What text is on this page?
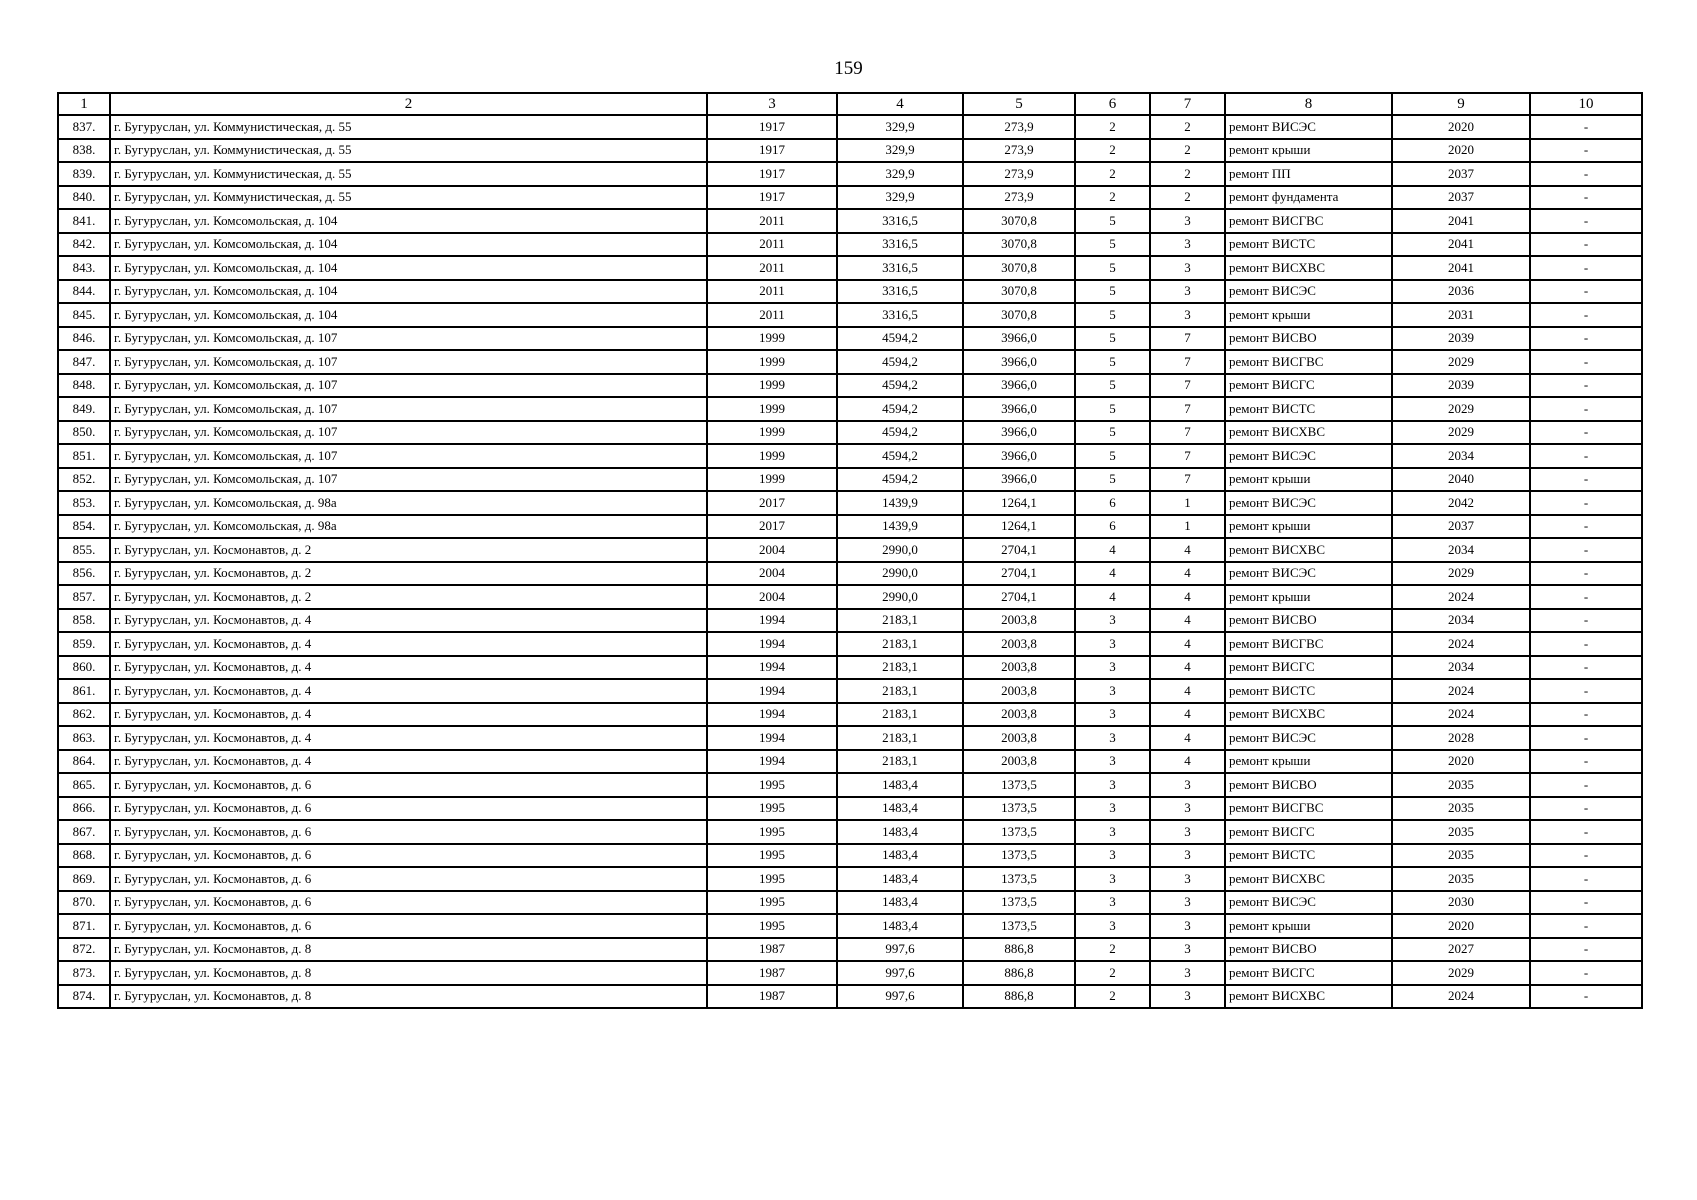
159
1	2	3	4	5	6	7	8	9	10
837.	г. Бугуруслан, ул. Коммунистическая, д. 55	1917	329,9	273,9	2	2	ремонт ВИСЭС	2020	-
838.	г. Бугуруслан, ул. Коммунистическая, д. 55	1917	329,9	273,9	2	2	ремонт крыши	2020	-
839.	г. Бугуруслан, ул. Коммунистическая, д. 55	1917	329,9	273,9	2	2	ремонт ПП	2037	-
840.	г. Бугуруслан, ул. Коммунистическая, д. 55	1917	329,9	273,9	2	2	ремонт фундамента	2037	-
841.	г. Бугуруслан, ул. Комсомольская, д. 104	2011	3316,5	3070,8	5	3	ремонт ВИСГВС	2041	-
842.	г. Бугуруслан, ул. Комсомольская, д. 104	2011	3316,5	3070,8	5	3	ремонт ВИСТС	2041	-
843.	г. Бугуруслан, ул. Комсомольская, д. 104	2011	3316,5	3070,8	5	3	ремонт ВИСХВС	2041	-
844.	г. Бугуруслан, ул. Комсомольская, д. 104	2011	3316,5	3070,8	5	3	ремонт ВИСЭС	2036	-
845.	г. Бугуруслан, ул. Комсомольская, д. 104	2011	3316,5	3070,8	5	3	ремонт крыши	2031	-
846.	г. Бугуруслан, ул. Комсомольская, д. 107	1999	4594,2	3966,0	5	7	ремонт ВИСВО	2039	-
847.	г. Бугуруслан, ул. Комсомольская, д. 107	1999	4594,2	3966,0	5	7	ремонт ВИСГВС	2029	-
848.	г. Бугуруслан, ул. Комсомольская, д. 107	1999	4594,2	3966,0	5	7	ремонт ВИСГС	2039	-
849.	г. Бугуруслан, ул. Комсомольская, д. 107	1999	4594,2	3966,0	5	7	ремонт ВИСТС	2029	-
850.	г. Бугуруслан, ул. Комсомольская, д. 107	1999	4594,2	3966,0	5	7	ремонт ВИСХВС	2029	-
851.	г. Бугуруслан, ул. Комсомольская, д. 107	1999	4594,2	3966,0	5	7	ремонт ВИСЭС	2034	-
852.	г. Бугуруслан, ул. Комсомольская, д. 107	1999	4594,2	3966,0	5	7	ремонт крыши	2040	-
853.	г. Бугуруслан, ул. Комсомольская, д. 98а	2017	1439,9	1264,1	6	1	ремонт ВИСЭС	2042	-
854.	г. Бугуруслан, ул. Комсомольская, д. 98а	2017	1439,9	1264,1	6	1	ремонт крыши	2037	-
855.	г. Бугуруслан, ул. Космонавтов, д. 2	2004	2990,0	2704,1	4	4	ремонт ВИСХВС	2034	-
856.	г. Бугуруслан, ул. Космонавтов, д. 2	2004	2990,0	2704,1	4	4	ремонт ВИСЭС	2029	-
857.	г. Бугуруслан, ул. Космонавтов, д. 2	2004	2990,0	2704,1	4	4	ремонт крыши	2024	-
858.	г. Бугуруслан, ул. Космонавтов, д. 4	1994	2183,1	2003,8	3	4	ремонт ВИСВО	2034	-
859.	г. Бугуруслан, ул. Космонавтов, д. 4	1994	2183,1	2003,8	3	4	ремонт ВИСГВС	2024	-
860.	г. Бугуруслан, ул. Космонавтов, д. 4	1994	2183,1	2003,8	3	4	ремонт ВИСГС	2034	-
861.	г. Бугуруслан, ул. Космонавтов, д. 4	1994	2183,1	2003,8	3	4	ремонт ВИСТС	2024	-
862.	г. Бугуруслан, ул. Космонавтов, д. 4	1994	2183,1	2003,8	3	4	ремонт ВИСХВС	2024	-
863.	г. Бугуруслан, ул. Космонавтов, д. 4	1994	2183,1	2003,8	3	4	ремонт ВИСЭС	2028	-
864.	г. Бугуруслан, ул. Космонавтов, д. 4	1994	2183,1	2003,8	3	4	ремонт крыши	2020	-
865.	г. Бугуруслан, ул. Космонавтов, д. 6	1995	1483,4	1373,5	3	3	ремонт ВИСВО	2035	-
866.	г. Бугуруслан, ул. Космонавтов, д. 6	1995	1483,4	1373,5	3	3	ремонт ВИСГВС	2035	-
867.	г. Бугуруслан, ул. Космонавтов, д. 6	1995	1483,4	1373,5	3	3	ремонт ВИСГС	2035	-
868.	г. Бугуруслан, ул. Космонавтов, д. 6	1995	1483,4	1373,5	3	3	ремонт ВИСТС	2035	-
869.	г. Бугуруслан, ул. Космонавтов, д. 6	1995	1483,4	1373,5	3	3	ремонт ВИСХВС	2035	-
870.	г. Бугуруслан, ул. Космонавтов, д. 6	1995	1483,4	1373,5	3	3	ремонт ВИСЭС	2030	-
871.	г. Бугуруслан, ул. Космонавтов, д. 6	1995	1483,4	1373,5	3	3	ремонт крыши	2020	-
872.	г. Бугуруслан, ул. Космонавтов, д. 8	1987	997,6	886,8	2	3	ремонт ВИСВО	2027	-
873.	г. Бугуруслан, ул. Космонавтов, д. 8	1987	997,6	886,8	2	3	ремонт ВИСГС	2029	-
874.	г. Бугуруслан, ул. Космонавтов, д. 8	1987	997,6	886,8	2	3	ремонт ВИСХВС	2024	-
